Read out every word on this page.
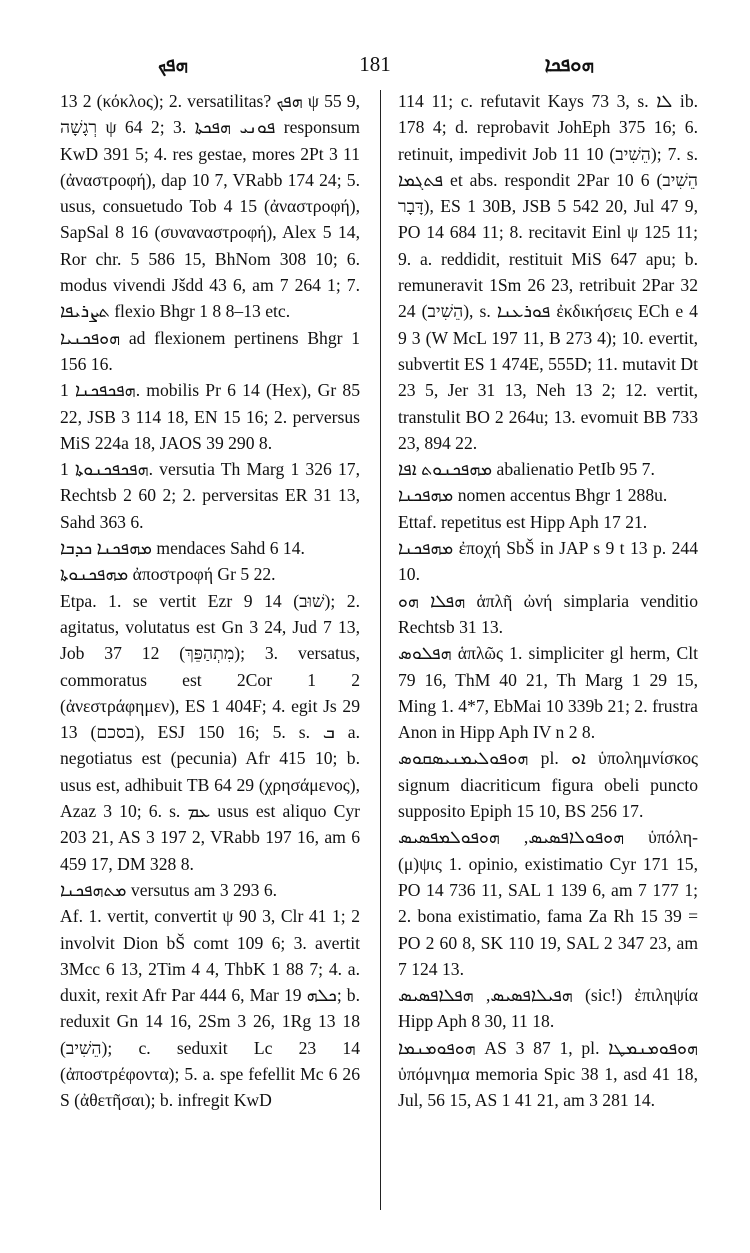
ܗܦܟ	181	ܗܘܦܟܐ

13 2 (κόκλος); 2. versatilitas? ܗܦܟ ψ 55 9, רְגָשָׁה ψ 64 2; 3. ܦܘܢܝ ܗܦܟܬܐ responsum KwD 391 5; 4. res gestae, mores 2Pt 3 11 (ἀναστροφή), dap 10 7, VRabb 174 24; 5. usus, consuetudo Tob 4 15 (ἀναστροφή), SapSal 8 16 (συναναστροφή), Alex 5 14, Ror chr. 5 586 15, BhNom 308 10; 6. modus vivendi Jšdd 43 6, am 7 264 1; 7. ܬܨܪܝܦܐ flexio Bhgr 1 8 8–13 etc.

ܗܘܦܟܢܝܐ ad flexionem pertinens Bhgr 1 156 16.

ܗܦܟܦܟܢܐ 1. mobilis Pr 6 14 (Hex), Gr 85 22, JSB 3 114 18, EN 15 16; 2. perversus MiS 224a 18, JAOS 39 290 8.

ܗܦܟܦܟܢܘܬܐ 1. versutia Th Marg 1 326 17, Rechtsb 2 60 2; 2. perversitas ER 31 13, Sahd 363 6.

ܡܗܦܟܢܐ ܟܕܒܐ mendaces Sahd 6 14.

ܡܗܦܟܢܘܬܐ ἀποστροφή Gr 5 22.

Etpa. 1. se vertit Ezr 9 14 (שׁוּב); 2. agitatus, volutatus est Gn 3 24, Jud 7 13, Job 37 12 (מִתְהַפֵּךְ); 3. versatus, commoratus est 2Cor 1 2 (ἀνεστράφημεν), ES 1 404F; 4. egit Js 29 13 (בסכם), ESJ 150 16; 5. s. ܒ a. negotiatus est (pecunia) Afr 415 10; b. usus est, adhibuit TB 64 29 (χρησάμενος), Azaz 3 10; 6. s. ܥܡ usus est aliquo Cyr 203 21, AS 3 197 2, VRabb 197 16, am 6 459 17, DM 328 8.

ܡܬܗܦܟܢܐ versutus am 3 293 6.

Af. 1. vertit, convertit ψ 90 3, Clr 41 1; 2 involvit Dion bŠ comt 109 6; 3. avertit 3Mcc 6 13, 2Tim 4 4, ThbK 1 88 7; 4. a. duxit, rexit Afr Par 444 6, Mar ܟܠܗ 19; b. reduxit Gn 14 16, 2Sm 3 26, 1Rg 13 18 (הֵשִׁיב); c. seduxit Lc 23 14 (ἀποστρέφοντα); 5. a. spe fefellit Mc 6 26 S (ἀθετῆσαι); b. infregit KwD

114 11; c. refutavit Kays 73 3, s. ܠܐ ib. 178 4; d. reprobavit JohEph 375 16; 6. retinuit, impedivit Job 11 10 (הֵשִׁיב); 7. s. ܦܬܓܡܐ et abs. respondit 2Par 10 6 (הֵשִׁיב דָּבָר), ES 1 30B, JSB 5 542 20, Jul 47 9, PO 14 684 11; 8. recitavit Einl ψ 125 11; 9. a. reddidit, restituit MiS 647 apu; b. remuneravit 1Sm 26 23, retribuit 2Par 32 24 (הֵשִׁיב), s. ܦܘܪܥܢܐ ἐκδικήσεις ECh e 4 9 3 (W McL 197 11, B 273 4); 10. evertit, subvertit ES 1 474E, 555D; 11. mutavit Dt 23 5, Jer 31 13, Neh 13 2; 12. vertit, transtulit BO 2 264u; 13. evomuit BB 733 23, 894 22.

ܡܗܦܟܢܘܬ ܐܦܐ abalienatio PetIb 95 7.

ܡܗܦܟܢܐ nomen accentus Bhgr 1 288u.

Ettaf. repetitus est Hipp Aph 17 21.

ܡܗܦܟܢܐ ἐποχή SbŠ in JAP s 9 t 13 p. 244 10.

ܗܦܠܐ ܗܘ ἁπλῆ ὠνή simplaria venditio Rechtsb 31 13.

ܗܦܠܘܣ ἁπλῶς 1. simpliciter gl herm, Clt 79 16, ThM 40 21, Th Marg 1 29 15, Ming 1. 4*7, EbMai 10 339b 21; 2. frustra Anon in Hipp Aph IV n 2 8.

ܗܘܦܘܠܝܡܢܝܣܩܘܣ pl. ܐܘ ὑπολημνίσκος signum diacriticum figura obeli puncto supposito Epiph 15 10, BS 256 17.

ܗܘܦܘܠܐܦܣܝܣ, ܗܘܦܘܠܡܦܣܝܣ ὑπόλη-(μ)ψις 1. opinio, existimatio Cyr 171 15, PO 14 736 11, SAL 1 139 6, am 7 177 1; 2. bona existimatio, fama Za Rh 15 39 = PO 2 60 8, SK 110 19, SAL 2 347 23, am 7 124 13.

ܗܦܝܠܐܦܣܝܣ, ܗܦܠܐܦܣܝܣ (sic!) ἐπιληψία Hipp Aph 8 30, 11 18.

ܗܘܦܘܡܢܡܐ AS 3 87 1, pl. ܗܘܦܘܡܢܡܛܐ ὑπόμνημα memoria Spic 38 1, asd 41 18, Jul, 56 15, AS 1 41 21, am 3 281 14.
